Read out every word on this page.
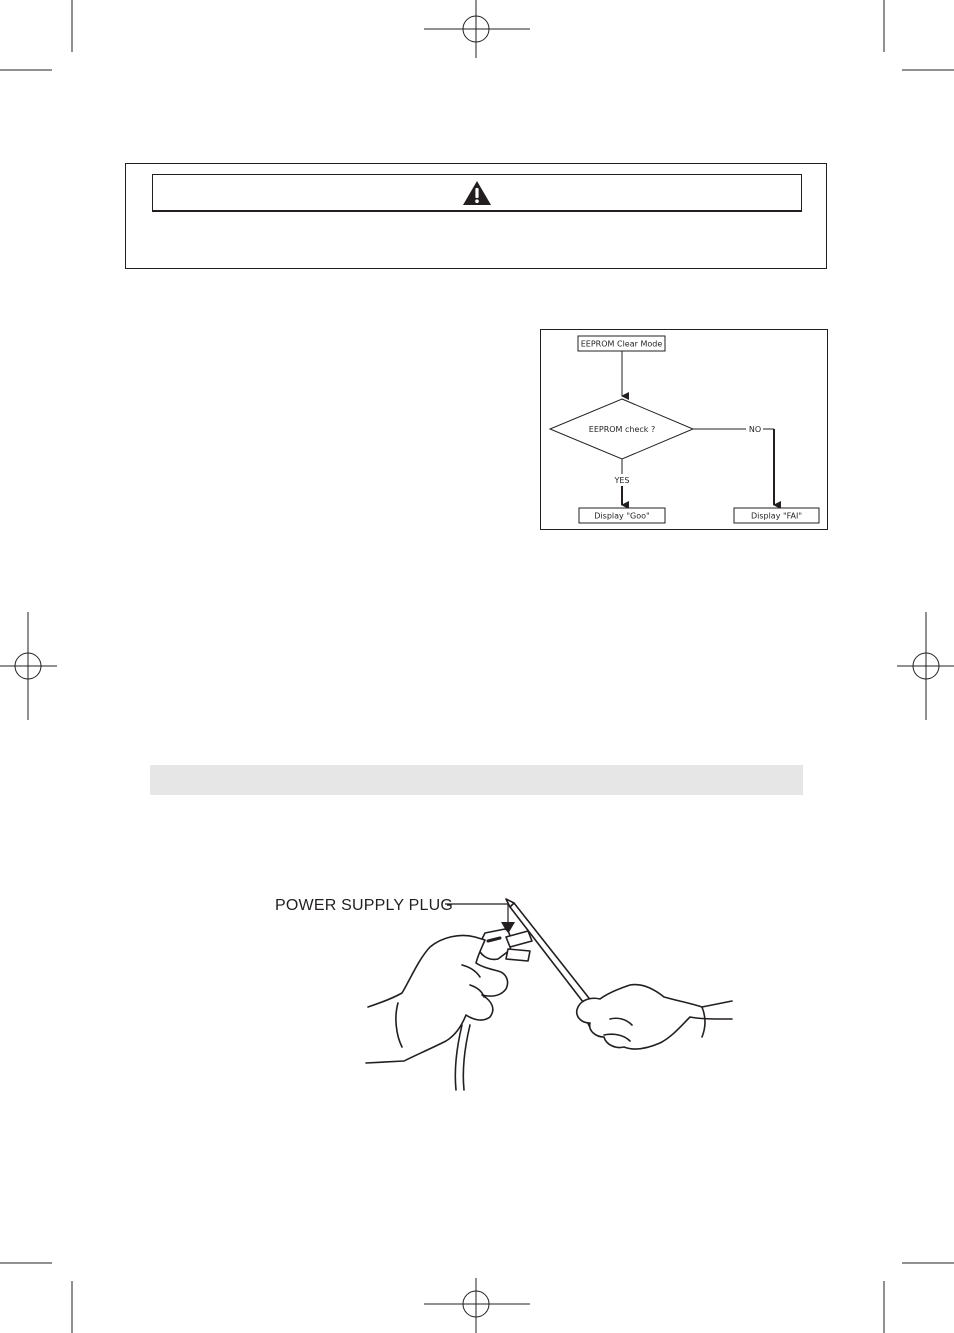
EEPROM Clear Mode
EEPROM check ?	NO
YES
Display "Goo"	Display "FAI"
POWER SUPPLY PLUG
